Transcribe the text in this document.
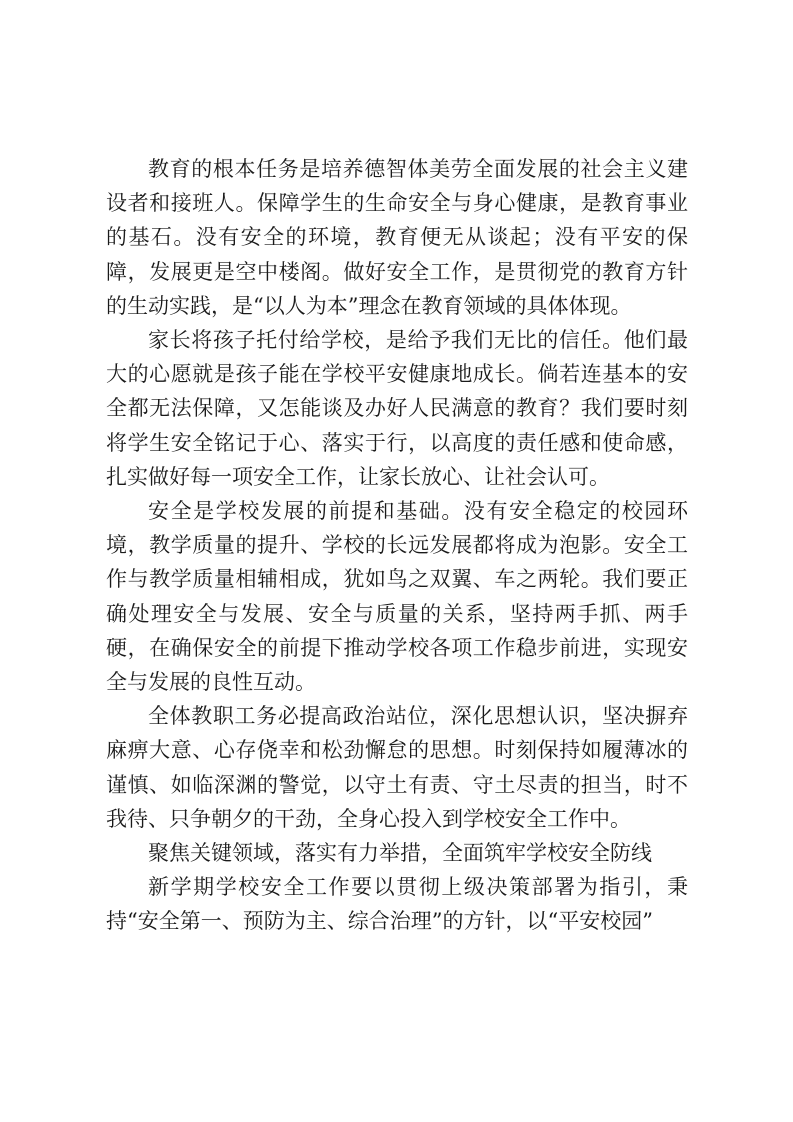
教育的根本任务是培养德智体美劳全面发展的社会主义建设者和接班人。保障学生的生命安全与身心健康，是教育事业的基石。没有安全的环境，教育便无从谈起；没有平安的保障，发展更是空中楼阁。做好安全工作，是贯彻党的教育方针的生动实践，是“以人为本”理念在教育领域的具体体现。

家长将孩子托付给学校，是给予我们无比的信任。他们最大的心愿就是孩子能在学校平安健康地成长。倘若连基本的安全都无法保障，又怎能谈及办好人民满意的教育？我们要时刻将学生安全铭记于心、落实于行，以高度的责任感和使命感，扎实做好每一项安全工作，让家长放心、让社会认可。

安全是学校发展的前提和基础。没有安全稳定的校园环境，教学质量的提升、学校的长远发展都将成为泡影。安全工作与教学质量相辅相成，犹如鸟之双翼、车之两轮。我们要正确处理安全与发展、安全与质量的关系，坚持两手抓、两手硬，在确保安全的前提下推动学校各项工作稳步前进，实现安全与发展的良性互动。

全体教职工务必提高政治站位，深化思想认识，坚决摒弃麻痹大意、心存侥幸和松劲懈怠的思想。时刻保持如履薄冰的谨慎、如临深渊的警觉，以守土有责、守土尽责的担当，时不我待、只争朝夕的干劲，全身心投入到学校安全工作中。

聚焦关键领域，落实有力举措，全面筑牢学校安全防线

新学期学校安全工作要以贯彻上级决策部署为指引，秉持“安全第一、预防为主、综合治理”的方针，以“平安校园”
